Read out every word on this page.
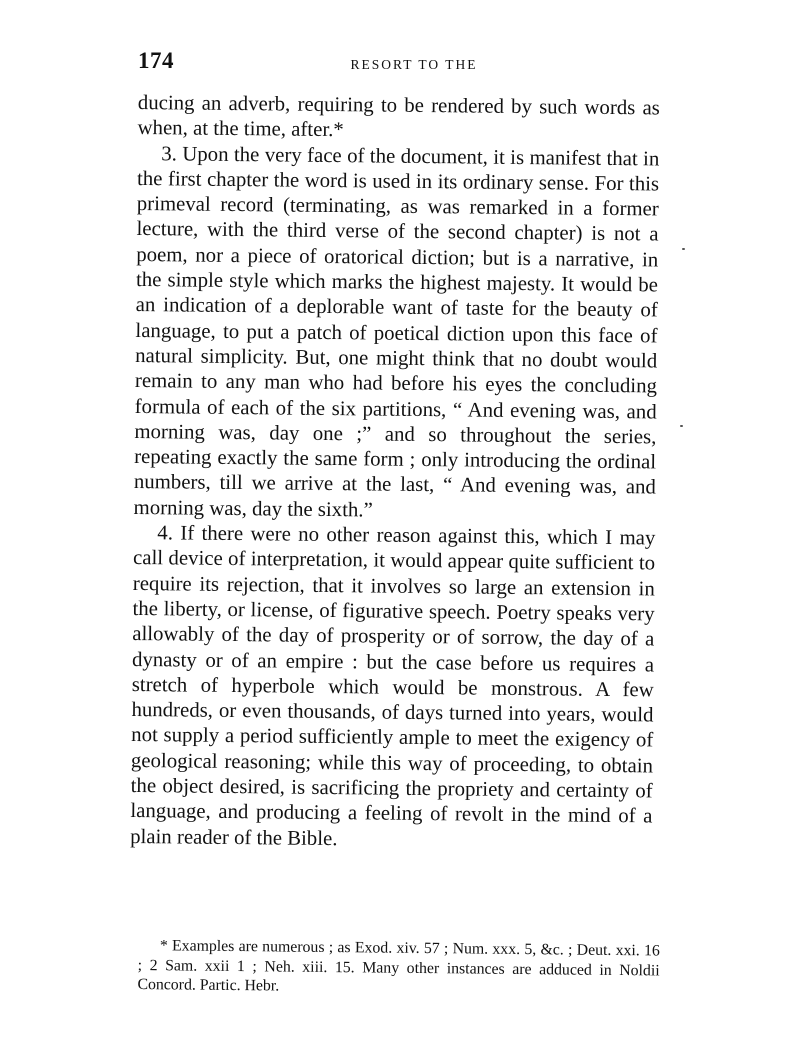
174	RESORT TO THE

ducing an adverb, requiring to be rendered by such words as when, at the time, after.*

3. Upon the very face of the document, it is manifest that in the first chapter the word is used in its ordinary sense. For this primeval record (terminating, as was remarked in a former lecture, with the third verse of the second chapter) is not a poem, nor a piece of oratorical diction; but is a narrative, in the simple style which marks the highest majesty. It would be an indication of a deplorable want of taste for the beauty of language, to put a patch of poetical diction upon this face of natural simplicity. But, one might think that no doubt would remain to any man who had before his eyes the concluding formula of each of the six partitions, “ And evening was, and morning was, day one ;” and so throughout the series, repeating exactly the same form ; only introducing the ordinal numbers, till we arrive at the last, “ And evening was, and morning was, day the sixth.”

4. If there were no other reason against this, which I may call device of interpretation, it would appear quite sufficient to require its rejection, that it involves so large an extension in the liberty, or license, of figurative speech. Poetry speaks very allowably of the day of prosperity or of sorrow, the day of a dynasty or of an empire : but the case before us requires a stretch of hyperbole which would be monstrous. A few hundreds, or even thousands, of days turned into years, would not supply a period sufficiently ample to meet the exigency of geological reasoning; while this way of proceeding, to obtain the object desired, is sacrificing the propriety and certainty of language, and producing a feeling of revolt in the mind of a plain reader of the Bible.

* Examples are numerous ; as Exod. xiv. 57 ; Num. xxx. 5, &c. ; Deut. xxi. 16 ; 2 Sam. xxii 1 ; Neh. xiii. 15. Many other instances are adduced in Noldii Concord. Partic. Hebr.
